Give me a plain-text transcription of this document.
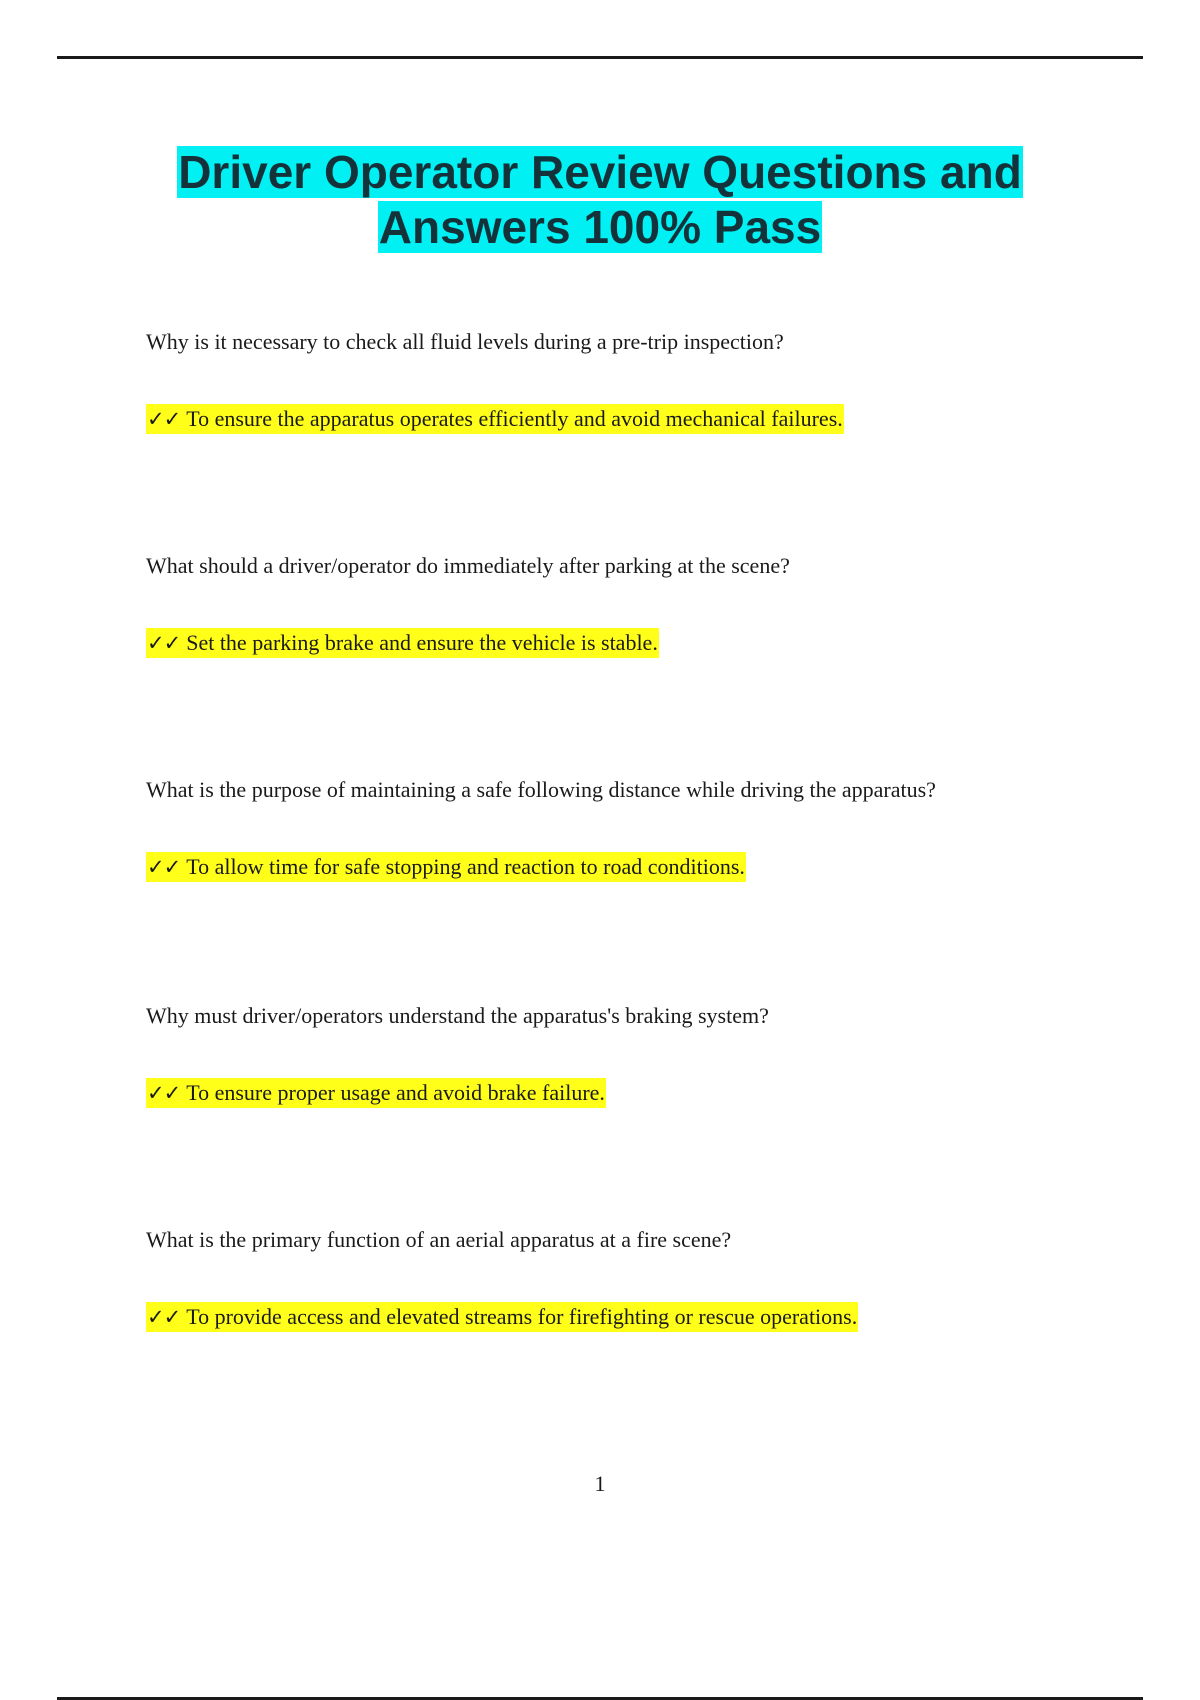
Driver Operator Review Questions and
Answers 100% Pass
Why is it necessary to check all fluid levels during a pre-trip inspection?
✓✓ To ensure the apparatus operates efficiently and avoid mechanical failures.
What should a driver/operator do immediately after parking at the scene?
✓✓ Set the parking brake and ensure the vehicle is stable.
What is the purpose of maintaining a safe following distance while driving the apparatus?
✓✓ To allow time for safe stopping and reaction to road conditions.
Why must driver/operators understand the apparatus's braking system?
✓✓ To ensure proper usage and avoid brake failure.
What is the primary function of an aerial apparatus at a fire scene?
✓✓ To provide access and elevated streams for firefighting or rescue operations.
1
